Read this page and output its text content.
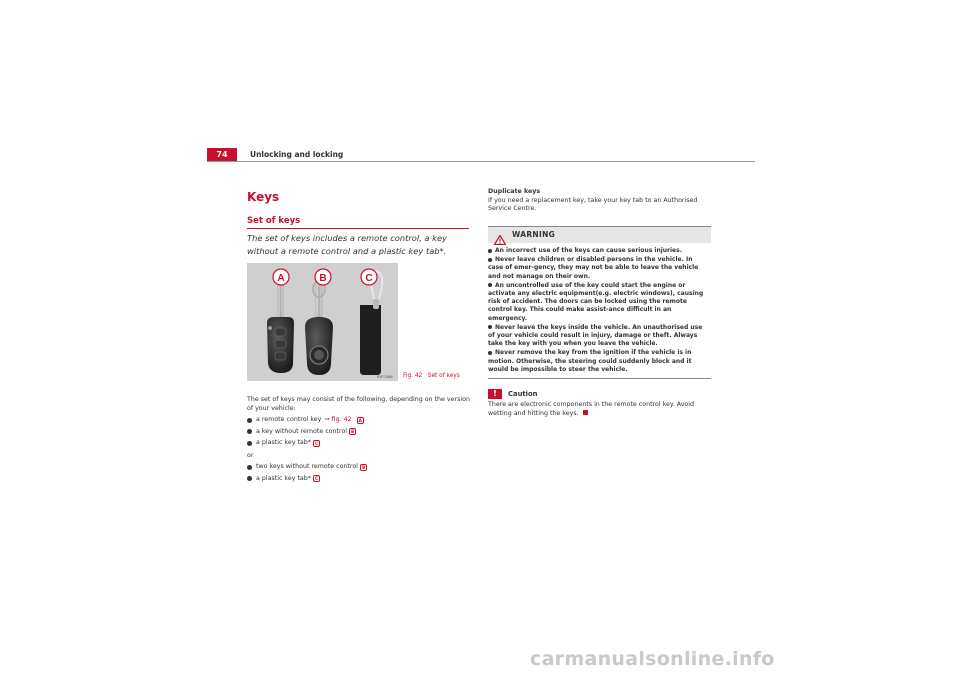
74	Unlocking and locking
Keys
Set of keys
The set of keys includes a remote control, a key without a remote control and a plastic key tab*.
A	B	C
B1P-0066 Fig. 42 Set of keys

The set of keys may consist of the following, depending on the version of your vehicle:

a remote control key ⇒ fig. 42	A
a key without remote control B
a plastic key tab* C

or

two keys without remote control B
a plastic key tab* C

Duplicate keys

If you need a replacement key, take your key tab to an Authorised Service Centre.

WARNING

An incorrect use of the keys can cause serious injuries.

Never leave children or disabled persons in the vehicle. In case of emer-gency, they may not be able to leave the vehicle and not manage on their own.

An uncontrolled use of the key could start the engine or activate any electric equipment(e.g. electric windows), causing risk of accident. The doors can be locked using the remote control key. This could make assist-ance difficult in an emergency.

Never leave the keys inside the vehicle. An unauthorised use of your vehicle could result in injury, damage or theft. Always take the key with you when you leave the vehicle.

Never remove the key from the ignition if the vehicle is in motion. Otherwise, the steering could suddenly block and it would be impossible to steer the vehicle.

!	Caution
There are electronic components in the remote control key. Avoid wetting and hitting the keys.
carmanualsonline.info
